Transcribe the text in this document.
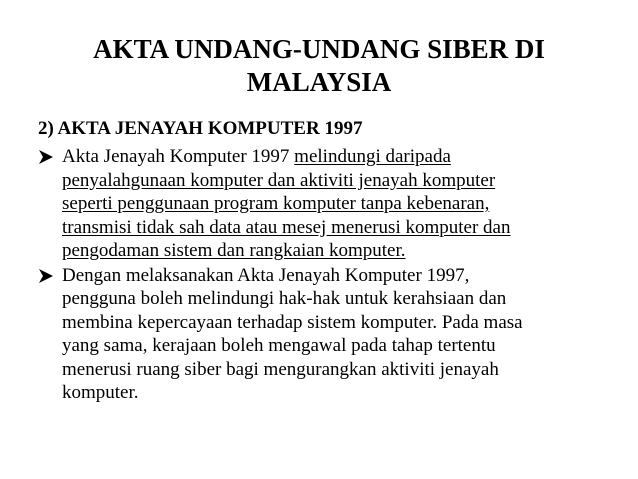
AKTA UNDANG-UNDANG SIBER DI
MALAYSIA
2) AKTA JENAYAH KOMPUTER 1997
Akta Jenayah Komputer 1997 melindungi daripada
penyalahgunaan komputer dan aktiviti jenayah komputer
seperti penggunaan program komputer tanpa kebenaran,
transmisi tidak sah data atau mesej menerusi komputer dan
pengodaman sistem dan rangkaian komputer.
Dengan melaksanakan Akta Jenayah Komputer 1997,
pengguna boleh melindungi hak-hak untuk kerahsiaan dan
membina kepercayaan terhadap sistem komputer. Pada masa
yang sama, kerajaan boleh mengawal pada tahap tertentu
menerusi ruang siber bagi mengurangkan aktiviti jenayah
komputer.
